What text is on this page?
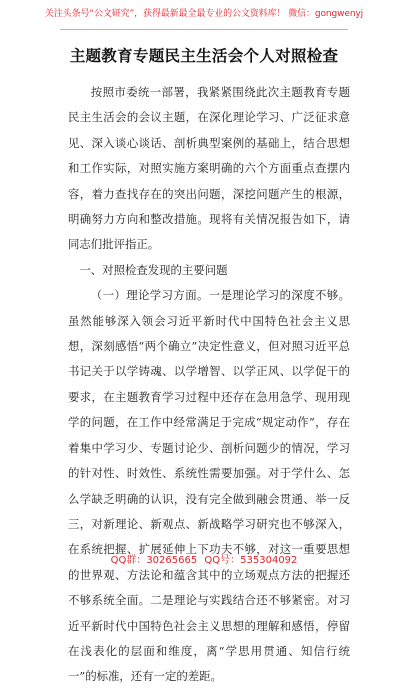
关注头条号“公文研究”，获得最新最全最专业的公文资料库！ 微信：gongwenyj
主题教育专题民主生活会个人对照检查

按照市委统一部署，我紧紧围绕此次主题教育专题民主生活会的会议主题，在深化理论学习、广泛征求意见、深入谈心谈话、剖析典型案例的基础上，结合思想和工作实际，对照实施方案明确的六个方面重点查摆内容，着力查找存在的突出问题，深挖问题产生的根源，明确努力方向和整改措施。现将有关情况报告如下，请同志们批评指正。

一、对照检查发现的主要问题

（一）理论学习方面。一是理论学习的深度不够。虽然能够深入领会习近平新时代中国特色社会主义思想，深刻感悟“两个确立”决定性意义，但对照习近平总书记关于以学铸魂、以学增智、以学正风、以学促干的要求，在主题教育学习过程中还存在急用急学、现用现学的问题，在工作中经常满足于完成“规定动作”，存在着集中学习少、专题讨论少、剖析问题少的情况，学习的针对性、时效性、系统性需要加强。对于学什么、怎么学缺乏明确的认识，没有完全做到融会贯通、举一反三，对新理论、新观点、新战略学习研究也不够深入，在系统把握、扩展延伸上下功夫不够，对这一重要思想的世界观、方法论和蕴含其中的立场观点方法的把握还不够系统全面。二是理论与实践结合还不够紧密。对习近平新时代中国特色社会主义思想的理解和感悟，停留在浅表化的层面和维度，离“学思用贯通、知信行统一”的标准，还有一定的差距。

QQ群：30265665 QQ号：535304092
